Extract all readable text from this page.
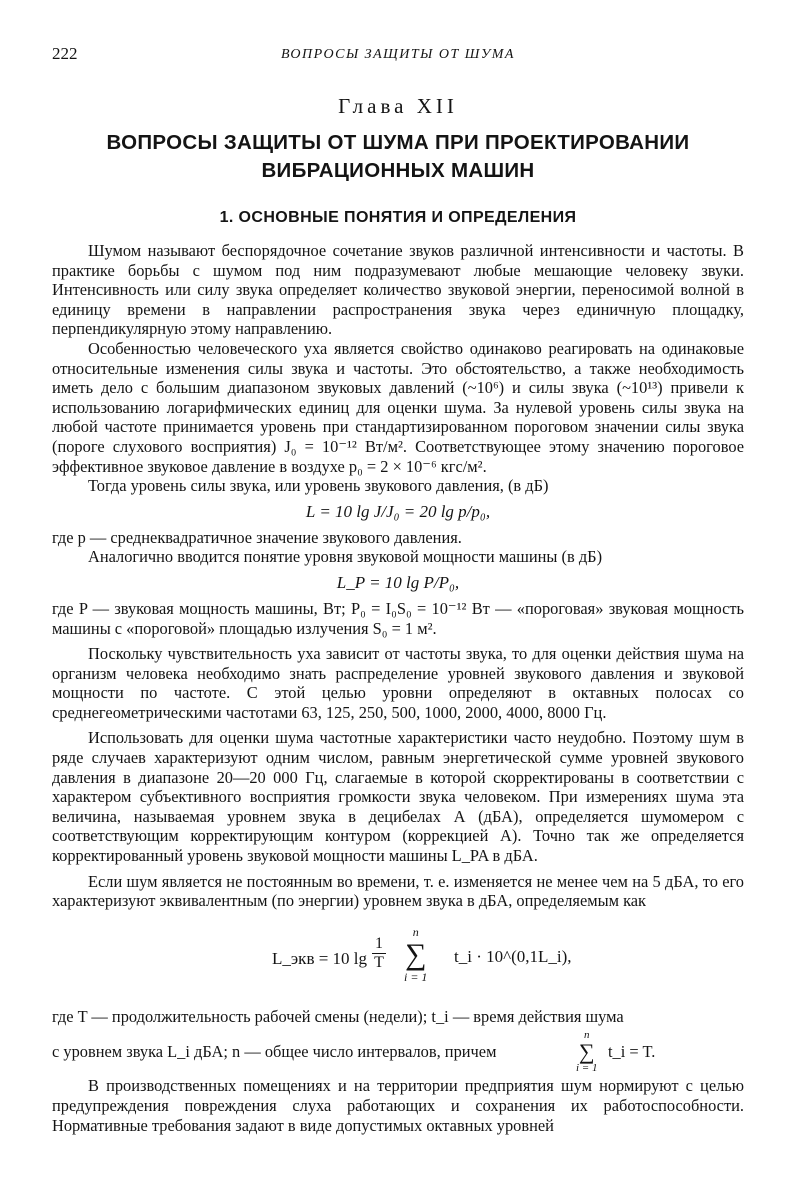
222	ВОПРОСЫ ЗАЩИТЫ ОТ ШУМА
Глава XII
ВОПРОСЫ ЗАЩИТЫ ОТ ШУМА ПРИ ПРОЕКТИРОВАНИИ
ВИБРАЦИОННЫХ МАШИН
1. ОСНОВНЫЕ ПОНЯТИЯ И ОПРЕДЕЛЕНИЯ

Шумом называют беспорядочное сочетание звуков различной интенсивности и частоты. В практике борьбы с шумом под ним подразумевают любые мешающие человеку звуки. Интенсивность или силу звука определяет количество звуковой энергии, переносимой волной в единицу времени в направлении распространения звука через единичную площадку, перпендикулярную этому направлению.

Особенностью человеческого уха является свойство одинаково реагировать на одинаковые относительные изменения силы звука и частоты. Это обстоятельство, а также необходимость иметь дело с большим диапазоном звуковых давлений (~10⁶) и силы звука (~10¹³) привели к использованию логарифмических единиц для оценки шума. За нулевой уровень силы звука на любой частоте принимается уровень при стандартизированном пороговом значении силы звука (пороге слухового восприятия) J₀ = 10⁻¹² Вт/м². Соответствующее этому значению пороговое эффективное звуковое давление в воздухе p₀ = 2 × 10⁻⁶ кгс/м².

Тогда уровень силы звука, или уровень звукового давления, (в дБ)

L = 10 lg J/J₀ = 20 lg p/p₀,

где p — среднеквадратичное значение звукового давления.

Аналогично вводится понятие уровня звуковой мощности машины (в дБ)

L_P = 10 lg P/P₀,

где P — звуковая мощность машины, Вт; P₀ = I₀S₀ = 10⁻¹² Вт — «пороговая» звуковая мощность машины с «пороговой» площадью излучения S₀ = 1 м².

Поскольку чувствительность уха зависит от частоты звука, то для оценки действия шума на организм человека необходимо знать распределение уровней звукового давления и звуковой мощности по частоте. С этой целью уровни определяют в октавных полосах со среднегеометрическими частотами 63, 125, 250, 500, 1000, 2000, 4000, 8000 Гц.

Использовать для оценки шума частотные характеристики часто неудобно. Поэтому шум в ряде случаев характеризуют одним числом, равным энергетической сумме уровней звукового давления в диапазоне 20—20 000 Гц, слагаемые в которой скорректированы в соответствии с характером субъективного восприятия громкости звука человеком. При измерениях шума эта величина, называемая уровнем звука в децибелах А (дБА), определяется шумомером с соответствующим корректирующим контуром (коррекцией А). Точно так же определяется корректированный уровень звуковой мощности машины L_PA в дБА.

Если шум является не постоянным во времени, т. е. изменяется не менее чем на 5 дБА, то его характеризуют эквивалентным (по энергии) уровнем звука в дБА, определяемым как

L_экв = 10 $\lg \frac{1}{T}$
n
∑
i = 1
t_i · 10^(0,1L_i),

где T — продолжительность рабочей смены (недели); t_i — время действия шума

с уровнем звука L_i дБА; n — общее число интервалов, причем
n
∑
i = 1
t_i = T.

В производственных помещениях и на территории предприятия шум нормируют с целью предупреждения повреждения слуха работающих и сохранения их работоспособности. Нормативные требования задают в виде допустимых октавных уровней
